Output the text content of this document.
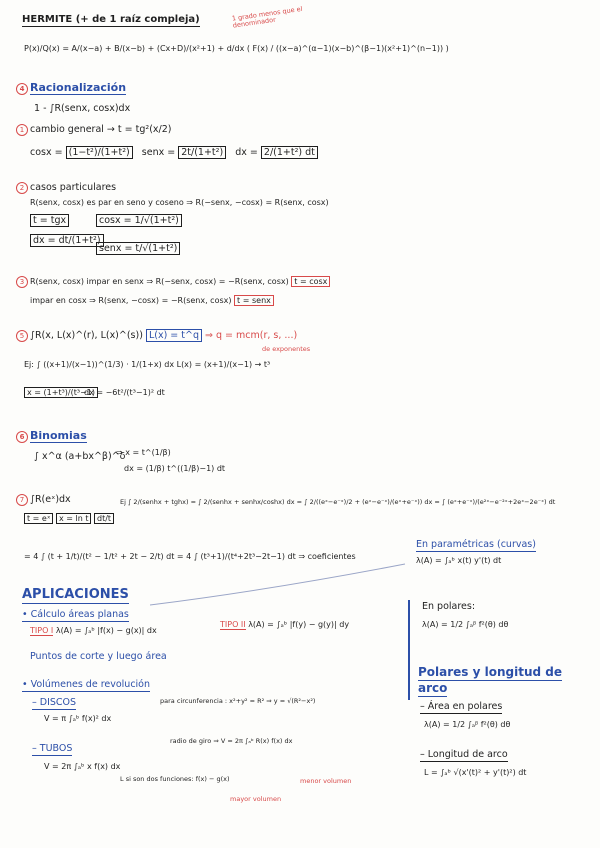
HERMITE (+ de 1 raíz compleja)	1 grado menos que el denominador
P(x)/Q(x) = A/(x−a) + B/(x−b) + (Cx+D)/(x²+1) + d/dx ( F(x) / ((x−a)^(α−1)(x−b)^(β−1)(x²+1)^(n−1)) )
4 Racionalización
1 - ∫R(senx, cosx)dx
1 cambio general → t = tg²(x/2)
cosx = (1−t²)/(1+t²) senx = 2t/(1+t²) dx = 2/(1+t²) dt
2 casos particulares
R(senx, cosx) es par en seno y coseno ⇒ R(−senx, −cosx) = R(senx, cosx)
t = tgx
dx = dt/(1+t²)
cosx = 1/√(1+t²)
senx = t/√(1+t²)
3 R(senx, cosx) impar en senx ⇒ R(−senx, cosx) = −R(senx, cosx) t = cosx
impar en cosx ⇒ R(senx, −cosx) = −R(senx, cosx) t = senx
5 ∫R(x, L(x)^(r), L(x)^(s)) L(x) = t^q ⇒ q = mcm(r, s, ...)
de exponentes
Ej: ∫ ((x+1)/(x−1))^(1/3) · 1/(1+x) dx L(x) = (x+1)/(x−1) → t³
x = (1+t³)/(t³−1)
dx = −6t²/(t³−1)² dt
6 Binomias
∫ x^α (a+bx^β)^δ
⇒ x = t^(1/β)
dx = (1/β) t^((1/β)−1) dt
7 ∫R(eˣ)dx
t = eˣ x = ln t dt/t
Ej ∫ 2/(senhx + tghx) = ∫ 2/(senhx + senhx/coshx) dx = ∫ 2/((eˣ−e⁻ˣ)/2 + (eˣ−e⁻ˣ)/(eˣ+e⁻ˣ)) dx = ∫ (eˣ+e⁻ˣ)/(e²ˣ−e⁻²ˣ+2eˣ−2e⁻ˣ) dt
= 4 ∫ (t + 1/t)/(t² − 1/t² + 2t − 2/t) dt = 4 ∫ (t³+1)/(t⁴+2t³−2t−1) dt ⇒ coeficientes
En paramétricas (curvas)
λ(A) = ∫ₐᵇ x(t) y'(t) dt
APLICACIONES
• Cálculo áreas planas
TIPO I λ(A) = ∫ₐᵇ |f(x) − g(x)| dx
TIPO II λ(A) = ∫ₐᵇ |f(y) − g(y)| dy
Puntos de corte y luego área
• Volúmenes de revolución
– DISCOS
V = π ∫ₐᵇ f(x)² dx
para circunferencia : x²+y² = R² ⇒ y = √(R²−x²)
– TUBOS
V = 2π ∫ₐᵇ x f(x) dx
radio de giro ⇒ V = 2π ∫ₐᵇ R(x) f(x) dx
L si son dos funciones: f(x) − g(x)	menor volumen
mayor volumen
En polares:
λ(A) = 1/2 ∫ₐᵝ f²(θ) dθ
Polares y longitud de
arco
– Área en polares
λ(A) = 1/2 ∫ₐᵝ f²(θ) dθ
– Longitud de arco
L = ∫ₐᵇ √(x'(t)² + y'(t)²) dt
